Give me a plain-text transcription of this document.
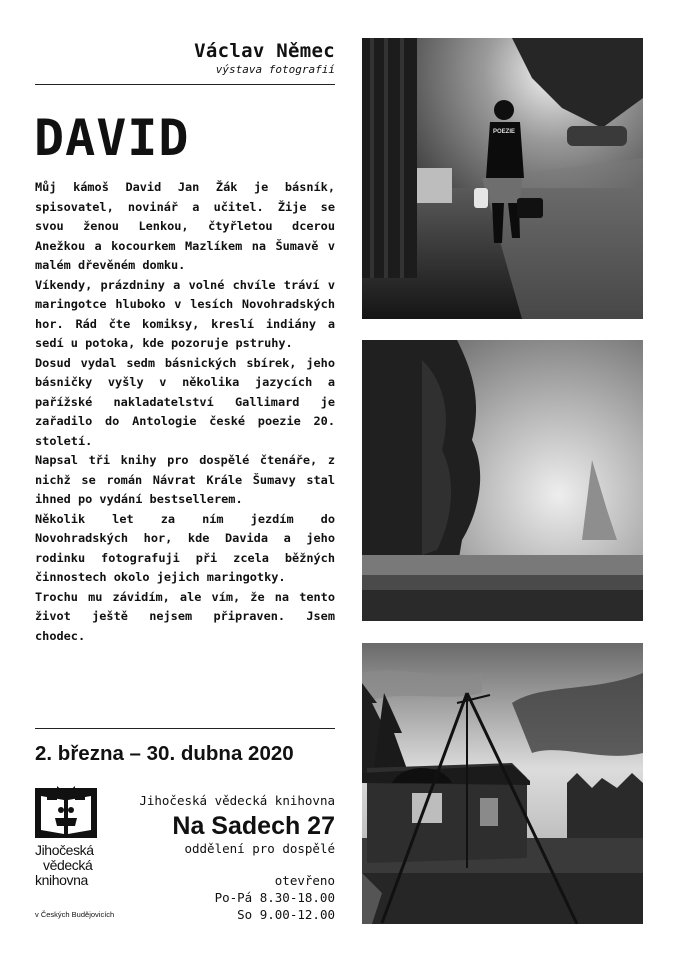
Václav Němec
výstava fotografií
DAVID

Můj kámoš David Jan Žák je básník, spisovatel, novinář a učitel. Žije se svou ženou Lenkou, čtyřletou dcerou Anežkou a kocourkem Mazlíkem na Šumavě v malém dřevěném domku.

Víkendy, prázdniny a volné chvíle tráví v maringotce hluboko v lesích Novohradských hor. Rád čte komiksy, kreslí indiány a sedí u potoka, kde pozoruje pstruhy.

Dosud vydal sedm básnických sbírek, jeho básničky vyšly v několika jazycích a pařížské nakladatelství Gallimard je zařadilo do Antologie české poezie 20. století.

Napsal tři knihy pro dospělé čtenáře, z nichž se román Návrat Krále Šumavy stal ihned po vydání bestsellerem.

Několik let za ním jezdím do Novohradských hor, kde Davida a jeho rodinku fotografuji při zcela běžných činnostech okolo jejich maringotky.

Trochu mu závidím, ale vím, že na tento život ještě nejsem připraven. Jsem chodec.

2. března – 30. dubna 2020
Jihočeská
vědecká
knihovna
v Českých Budějovicích
Jihočeská vědecká knihovna
Na Sadech 27
oddělení pro dospělé
otevřeno
Po-Pá 8.30-18.00
So 9.00-12.00
POEZIE
